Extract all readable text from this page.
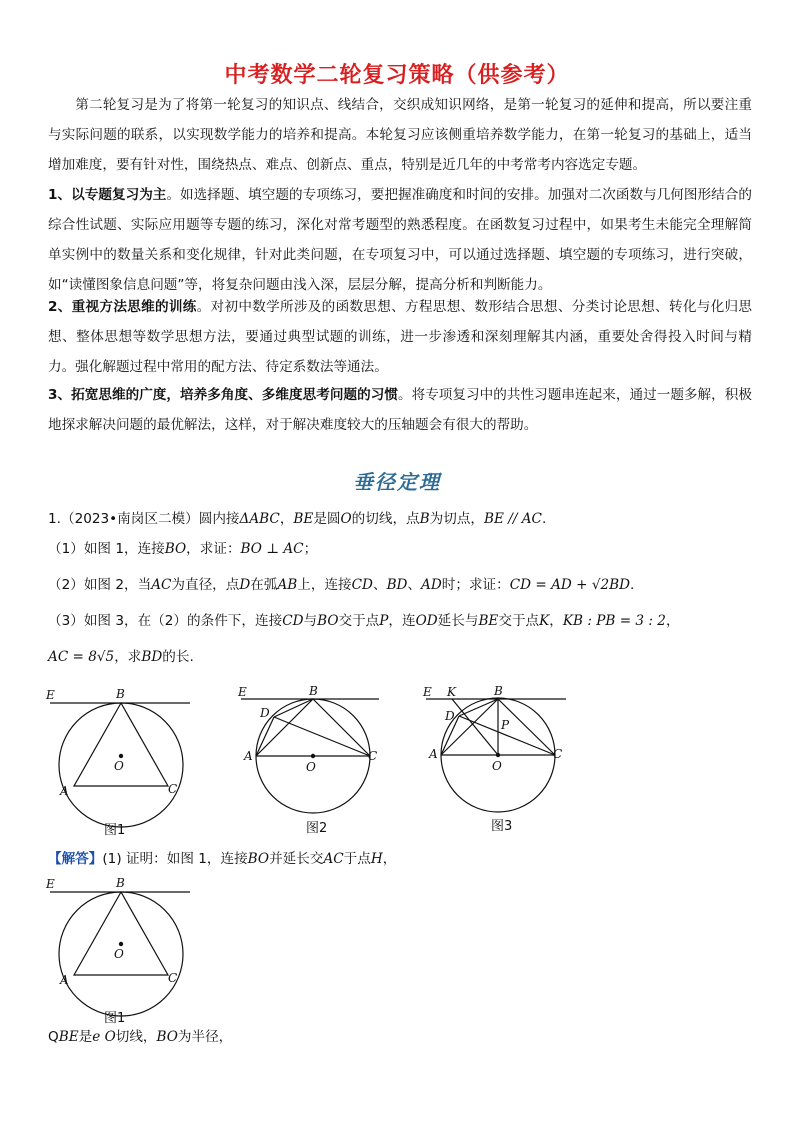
中考数学二轮复习策略（供参考）

第二轮复习是为了将第一轮复习的知识点、线结合，交织成知识网络，是第一轮复习的延伸和提高，所以要注重与实际问题的联系，以实现数学能力的培养和提高。本轮复习应该侧重培养数学能力，在第一轮复习的基础上，适当增加难度，要有针对性，围绕热点、难点、创新点、重点，特别是近几年的中考常考内容选定专题。

1、以专题复习为主。如选择题、填空题的专项练习，要把握准确度和时间的安排。加强对二次函数与几何图形结合的综合性试题、实际应用题等专题的练习，深化对常考题型的熟悉程度。在函数复习过程中，如果考生未能完全理解简单实例中的数量关系和变化规律，针对此类问题，在专项复习中，可以通过选择题、填空题的专项练习，进行突破，如“读懂图象信息问题”等，将复杂问题由浅入深，层层分解，提高分析和判断能力。

2、重视方法思维的训练。对初中数学所涉及的函数思想、方程思想、数形结合思想、分类讨论思想、转化与化归思想、整体思想等数学思想方法，要通过典型试题的训练，进一步渗透和深刻理解其内涵，重要处舍得投入时间与精力。强化解题过程中常用的配方法、待定系数法等通法。

3、拓宽思维的广度，培养多角度、多维度思考问题的习惯。将专项复习中的共性习题串连起来，通过一题多解，积极地探求解决问题的最优解法，这样，对于解决难度较大的压轴题会有很大的帮助。

垂径定理
1.（2023•南岗区二模）圆内接ΔABC，BE是圆O的切线，点B为切点，BE // AC.
（1）如图 1，连接BO，求证：BO ⊥ AC；
（2）如图 2，当AC为直径，点D在弧AB上，连接CD、BD、AD时；求证：CD = AD + √2BD.
（3）如图 3，在（2）的条件下，连接CD与BO交于点P，连OD延长与BE交于点K，KB : PB = 3 : 2，
AC = 8√5，求BD的长.
E	B
O
A	C
图1
E	B
D
A
O
C
图2
E K	B
D
P
A
O
C
图3
【解答】(1) 证明：如图 1，连接BO并延长交AC于点H，
E	B
O
A	C
图1
QBE是e O切线，BO为半径，
